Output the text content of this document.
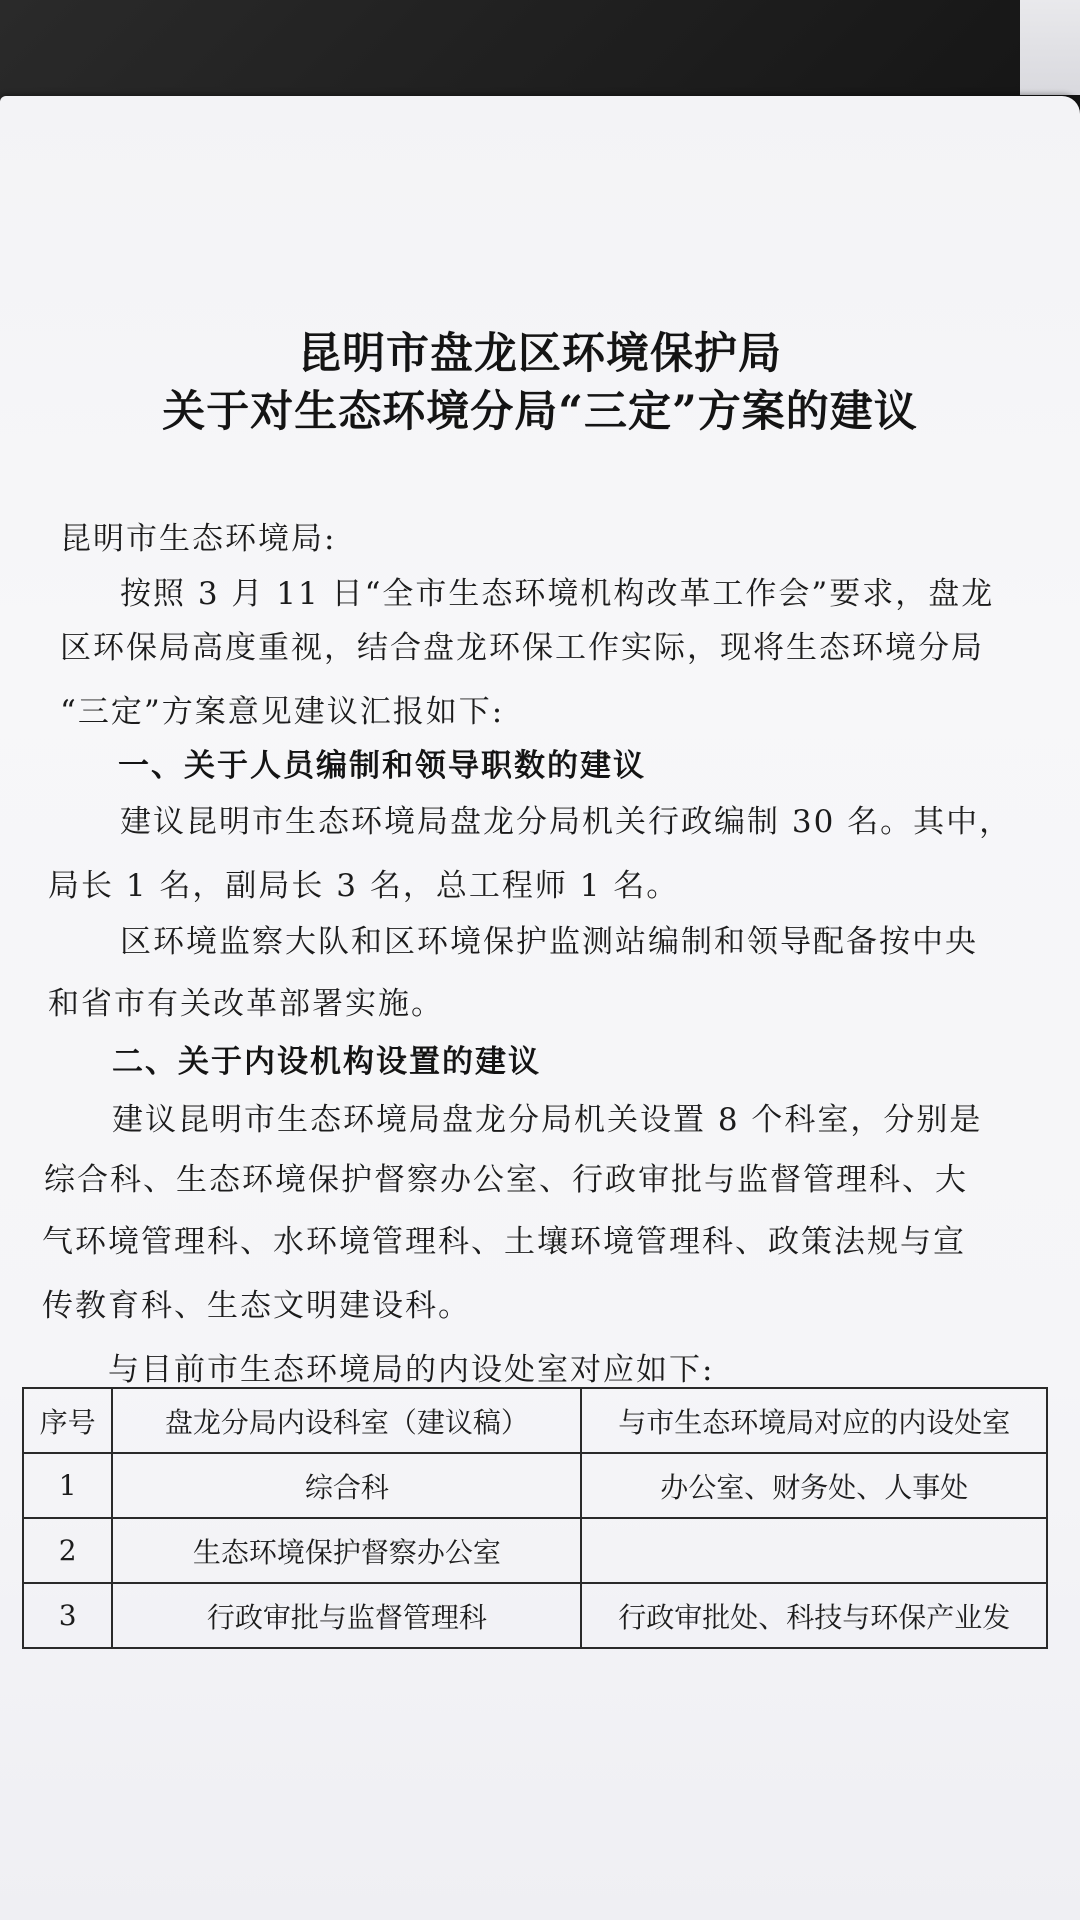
昆明市盘龙区环境保护局
关于对生态环境分局“三定”方案的建议
昆明市生态环境局:
按照 3 月 11 日“全市生态环境机构改革工作会”要求，盘龙
区环保局高度重视，结合盘龙环保工作实际，现将生态环境分局
“三定”方案意见建议汇报如下:
一、关于人员编制和领导职数的建议
建议昆明市生态环境局盘龙分局机关行政编制 30 名。其中，
局长 1 名，副局长 3 名，总工程师 1 名。
区环境监察大队和区环境保护监测站编制和领导配备按中央
和省市有关改革部署实施。
二、关于内设机构设置的建议
建议昆明市生态环境局盘龙分局机关设置 8 个科室，分别是
综合科、生态环境保护督察办公室、行政审批与监督管理科、大
气环境管理科、水环境管理科、土壤环境管理科、政策法规与宣
传教育科、生态文明建设科。
与目前市生态环境局的内设处室对应如下:
序号	盘龙分局内设科室（建议稿）	与市生态环境局对应的内设处室
1	综合科	办公室、财务处、人事处
2	生态环境保护督察办公室	
3	行政审批与监督管理科	行政审批处、科技与环保产业发
